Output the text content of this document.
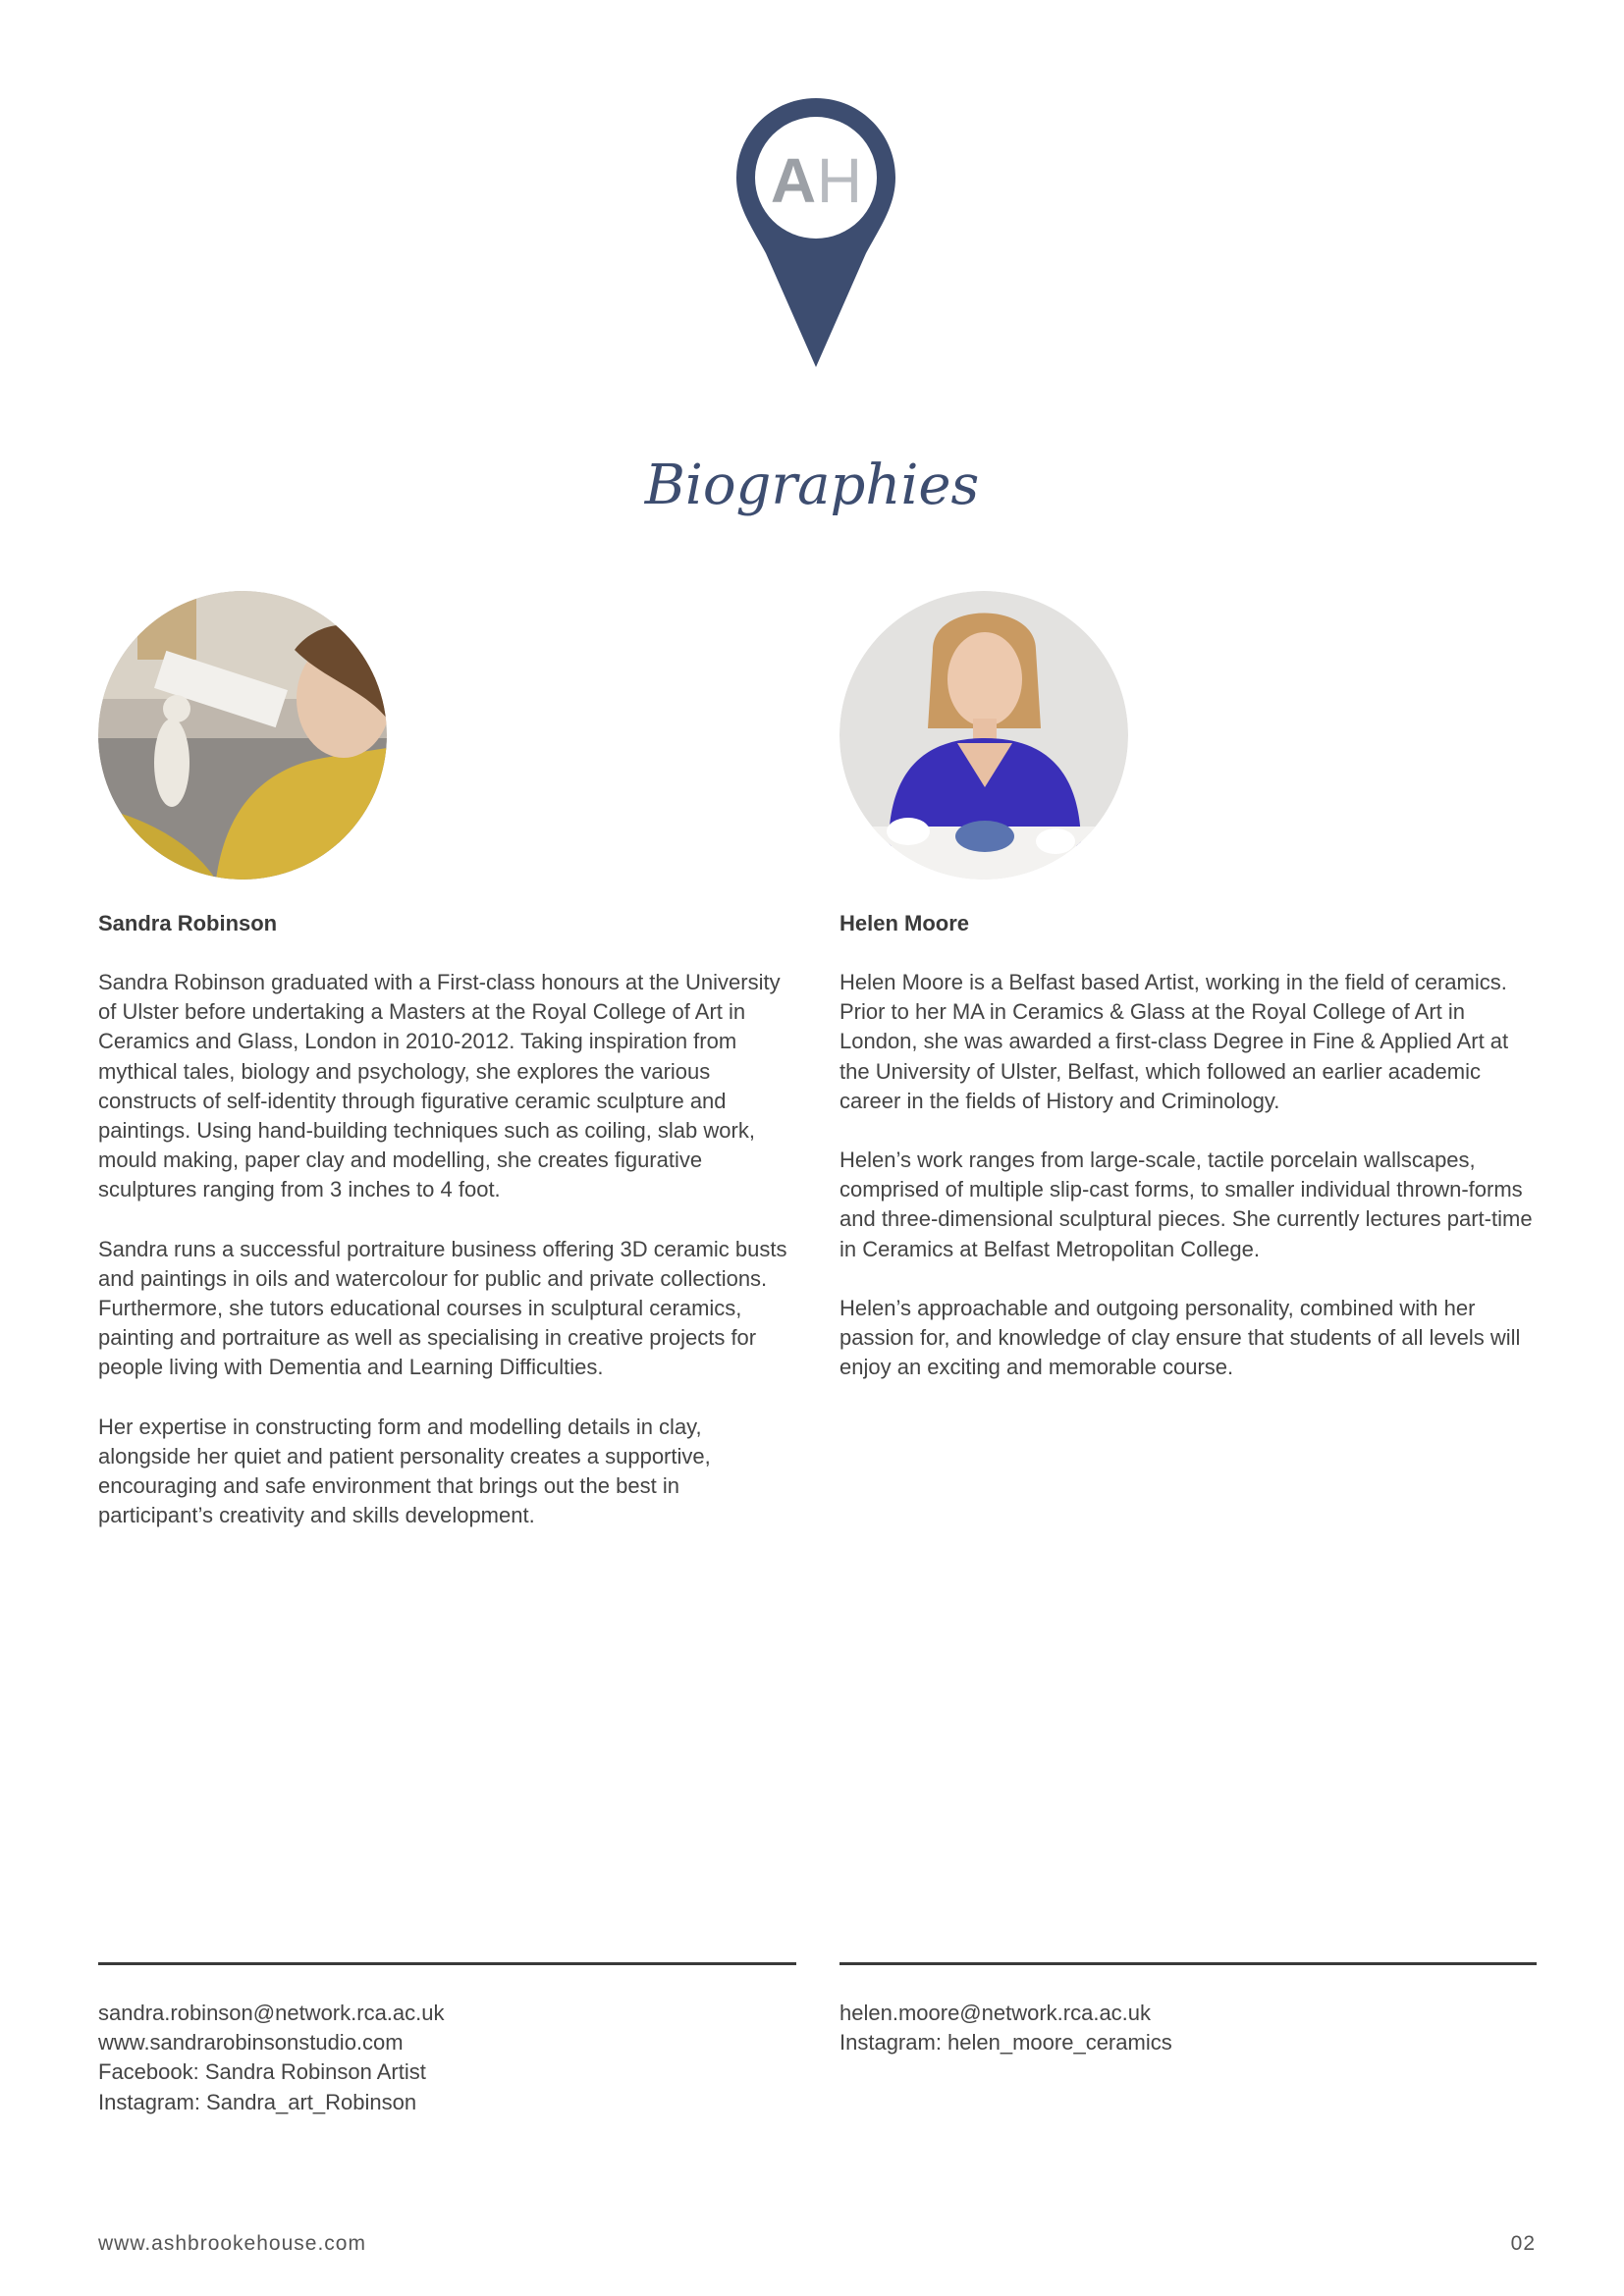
A H
Biographies

Sandra Robinson

Sandra Robinson graduated with a First-class honours at the University of Ulster before undertaking a Masters at the Royal College of Art in Ceramics and Glass, London in 2010-2012. Taking inspiration from mythical tales, biology and psychology, she explores the various constructs of self-identity through figurative ceramic sculpture and paintings. Using hand-building techniques such as coiling, slab work, mould making, paper clay and modelling, she creates figurative sculptures ranging from 3 inches to 4 foot.

Sandra runs a successful portraiture business offering 3D ceramic busts and paintings in oils and watercolour for public and private collections. Furthermore, she tutors educational courses in sculptural ceramics, painting and portraiture as well as specialising in creative projects for people living with Dementia and Learning Difficulties.

Her expertise in constructing form and modelling details in clay, alongside her quiet and patient personality creates a supportive, encouraging and safe environment that brings out the best in participant’s creativity and skills development.

Helen Moore

Helen Moore is a Belfast based Artist, working in the field of ceramics. Prior to her MA in Ceramics & Glass at the Royal College of Art in London, she was awarded a first-class Degree in Fine & Applied Art at the University of Ulster, Belfast, which followed an earlier academic career in the fields of History and Criminology.

Helen’s work ranges from large-scale, tactile porcelain wallscapes, comprised of multiple slip-cast forms, to smaller individual thrown-forms and three-dimensional sculptural pieces. She currently lectures part-time in Ceramics at Belfast Metropolitan College.

Helen’s approachable and outgoing personality, combined with her passion for, and knowledge of clay ensure that students of all levels will enjoy an exciting and memorable course.

sandra.robinson@network.rca.ac.uk
www.sandrarobinsonstudio.com
Facebook: Sandra Robinson Artist
Instagram: Sandra_art_Robinson
helen.moore@network.rca.ac.uk
Instagram: helen_moore_ceramics
www.ashbrookehouse.com	02
